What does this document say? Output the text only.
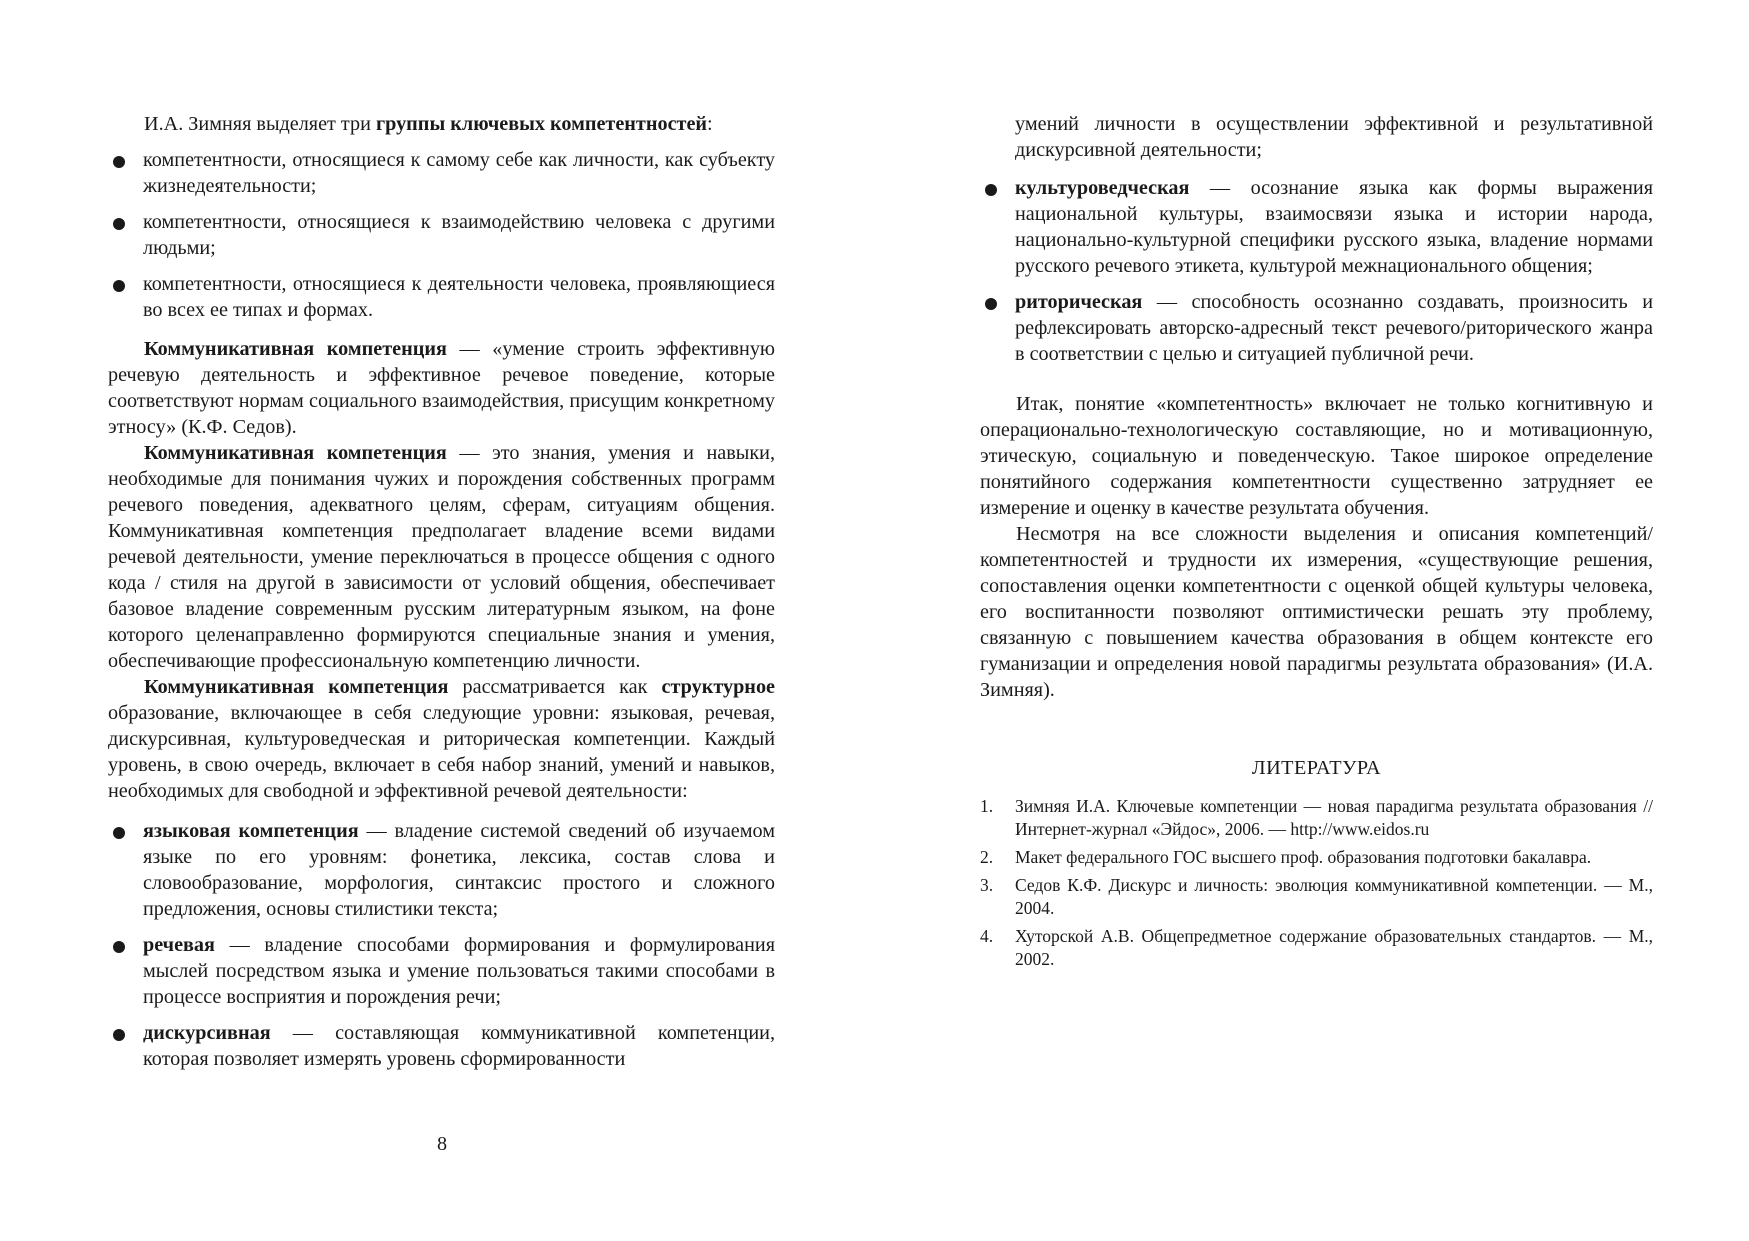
И.А. Зимняя выделяет три группы ключевых компетентностей:

компетентности, относящиеся к самому себе как личности, как субъекту жизнедеятельности;
компетентности, относящиеся к взаимодействию человека с другими людьми;
компетентности, относящиеся к деятельности человека, проявляющиеся во всех ее типах и формах.

Коммуникативная компетенция — «умение строить эффективную речевую деятельность и эффективное речевое поведение, которые соответствуют нормам социального взаимодействия, присущим конкретному этносу» (К.Ф. Седов).

Коммуникативная компетенция — это знания, умения и навыки, необходимые для понимания чужих и порождения собственных программ речевого поведения, адекватного целям, сферам, ситуациям общения. Коммуникативная компетенция предполагает владение всеми видами речевой деятельности, умение переключаться в процессе общения с одного кода / стиля на другой в зависимости от условий общения, обеспечивает базовое владение современным русским литературным языком, на фоне которого целенаправленно формируются специальные знания и умения, обеспечивающие профессиональную компетенцию личности.

Коммуникативная компетенция рассматривается как структурное образование, включающее в себя следующие уровни: языковая, речевая, дискурсивная, культуроведческая и риторическая компетенции. Каждый уровень, в свою очередь, включает в себя набор знаний, умений и навыков, необходимых для свободной и эффективной речевой деятельности:

языковая компетенция — владение системой сведений об изучаемом языке по его уровням: фонетика, лексика, состав слова и словообразование, морфология, синтаксис простого и сложного предложения, основы стилистики текста;
речевая — владение способами формирования и формулирования мыслей посредством языка и умение пользоваться такими способами в процессе восприятия и порождения речи;
дискурсивная — составляющая коммуникативной компетенции, которая позволяет измерять уровень сформированности
8
умений личности в осуществлении эффективной и результативной дискурсивной деятельности;
культуроведческая — осознание языка как формы выражения национальной культуры, взаимосвязи языка и истории народа, национально-культурной специфики русского языка, владение нормами русского речевого этикета, культурой межнационального общения;
риторическая — способность осознанно создавать, произносить и рефлексировать авторско-адресный текст речевого/риторического жанра в соответствии с целью и ситуацией публичной речи.

Итак, понятие «компетентность» включает не только когнитивную и операционально-технологическую составляющие, но и мотивационную, этическую, социальную и поведенческую. Такое широкое определение понятийного содержания компетентности существенно затрудняет ее измерение и оценку в качестве результата обучения.

Несмотря на все сложности выделения и описания компетенций/компетентностей и трудности их измерения, «существующие решения, сопоставления оценки компетентности с оценкой общей культуры человека, его воспитанности позволяют оптимистически решать эту проблему, связанную с повышением качества образования в общем контексте его гуманизации и определения новой парадигмы результата образования» (И.А. Зимняя).

ЛИТЕРАТУРА
1. Зимняя И.А. Ключевые компетенции — новая парадигма результата образования // Интернет-журнал «Эйдос», 2006. — http://www.eidos.ru
2. Макет федерального ГОС высшего проф. образования подготовки бакалавра.
3. Седов К.Ф. Дискурс и личность: эволюция коммуникативной компетенции. — М., 2004.
4. Хуторской А.В. Общепредметное содержание образовательных стандартов. — М., 2002.
